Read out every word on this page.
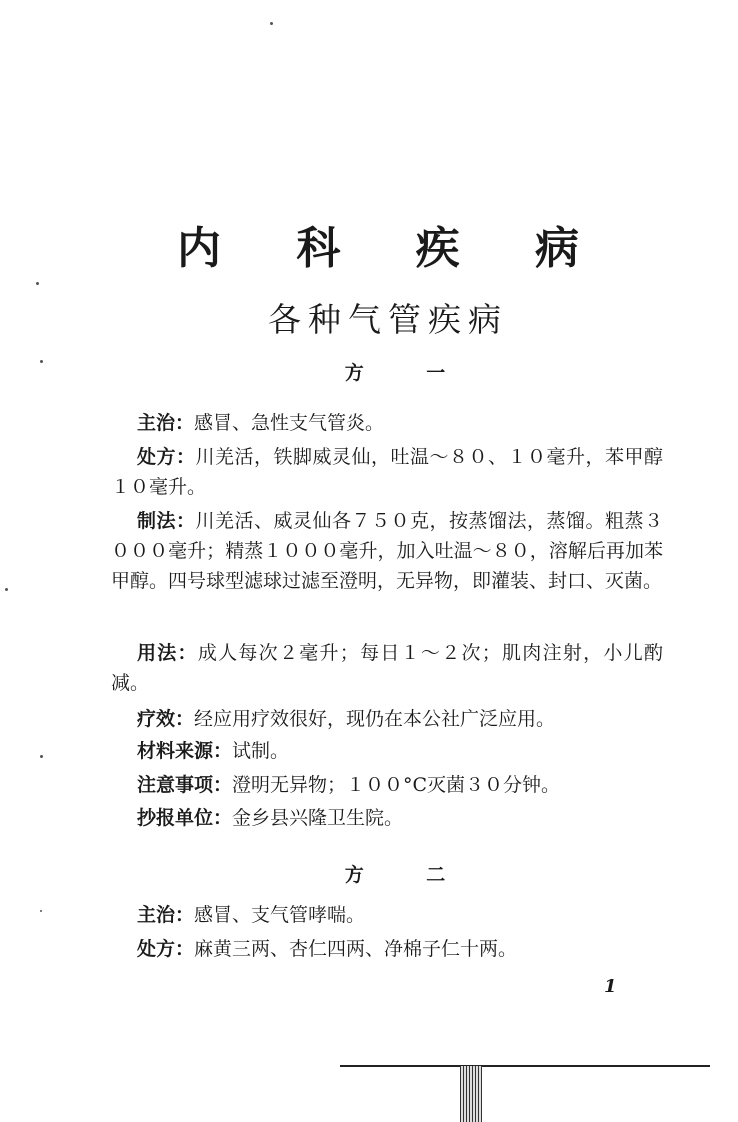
内 科 疾 病
各种气管疾病
方 一

主治：感冒、急性支气管炎。

处方：川羌活，铁脚威灵仙，吐温～８０、１０毫升，苯甲醇１０毫升。

制法：川羌活、威灵仙各７５０克，按蒸馏法，蒸馏。粗蒸３０００毫升；精蒸１０００毫升，加入吐温～８０，溶解后再加苯甲醇。四号球型滤球过滤至澄明，无异物，即灌装、封口、灭菌。

用法：成人每次２毫升；每日１～２次；肌肉注射，小儿酌减。

疗效：经应用疗效很好，现仍在本公社广泛应用。

材料来源：试制。

注意事项：澄明无异物；１００°C灭菌３０分钟。

抄报单位：金乡县兴隆卫生院。

方 二

主治：感冒、支气管哮喘。

处方：麻黄三两、杏仁四两、净棉子仁十两。

1
